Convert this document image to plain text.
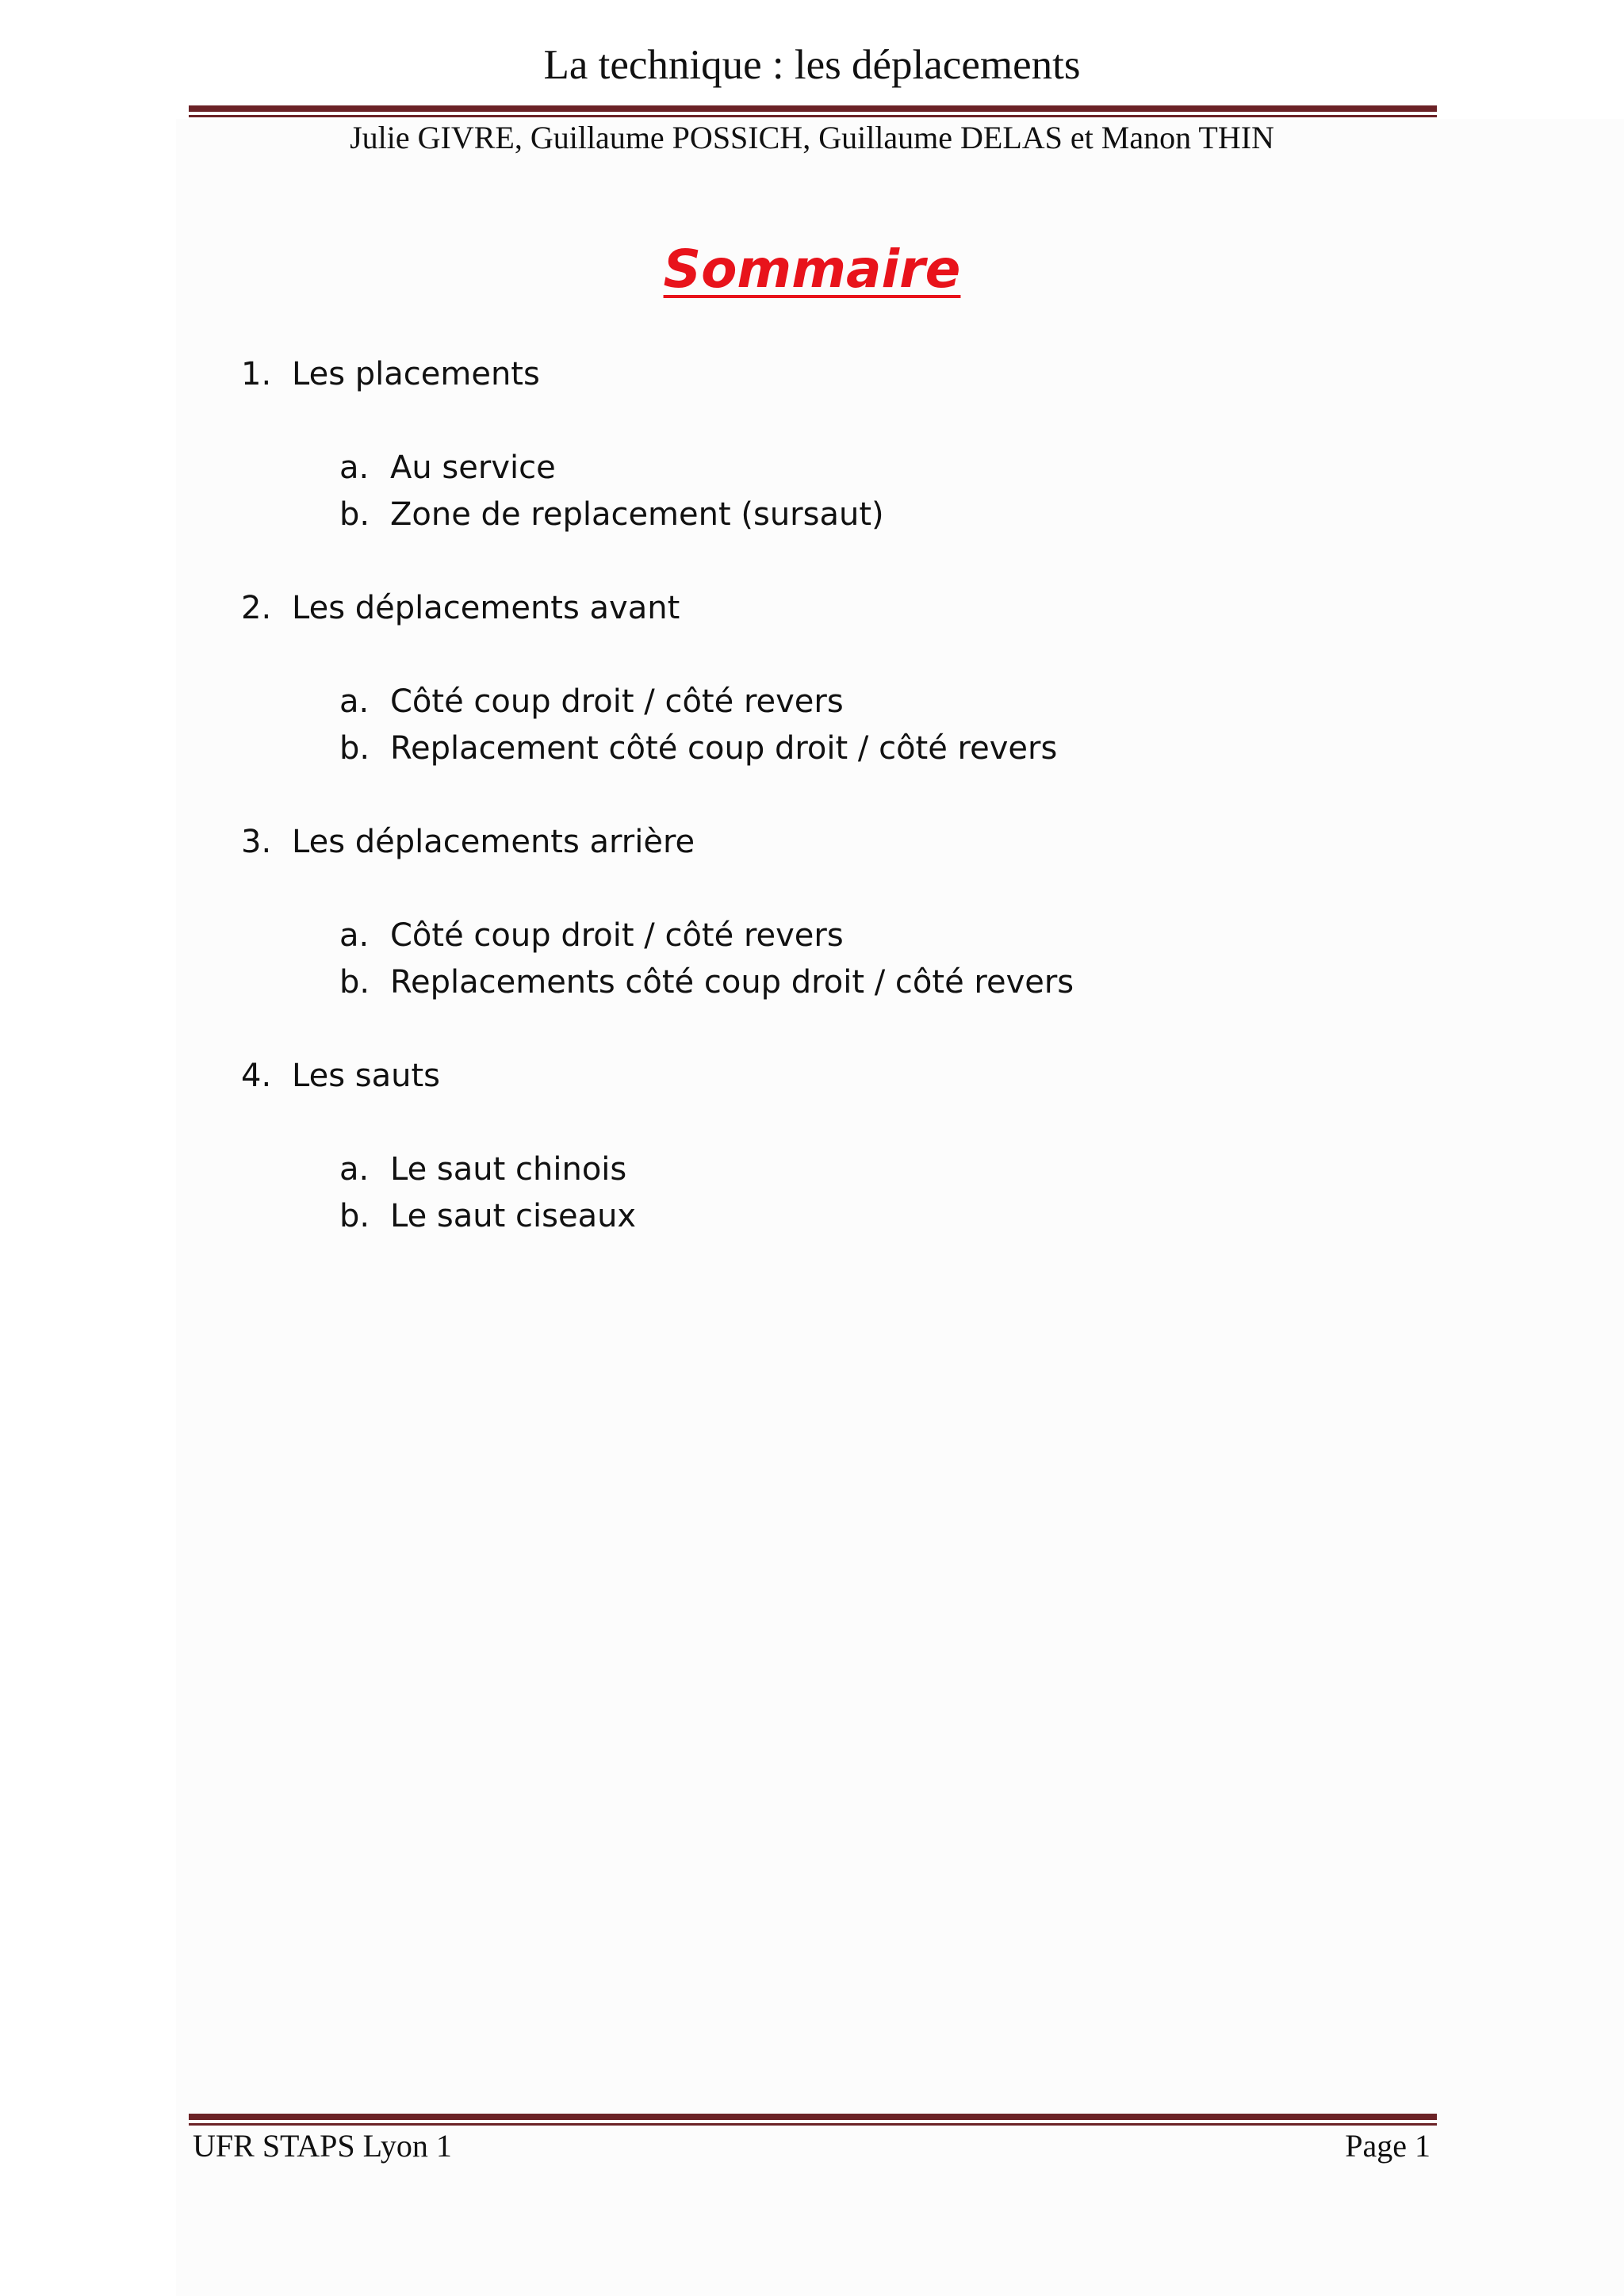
La technique : les déplacements
Julie GIVRE, Guillaume POSSICH, Guillaume DELAS et Manon THIN
Sommaire
1. Les placements
a. Au service
b. Zone de replacement (sursaut)
2. Les déplacements avant
a. Côté coup droit / côté revers
b. Replacement côté coup droit / côté revers
3. Les déplacements arrière
a. Côté coup droit / côté revers
b. Replacements côté coup droit / côté revers
4. Les sauts
a. Le saut chinois
b. Le saut ciseaux
UFR STAPS Lyon 1	Page 1
